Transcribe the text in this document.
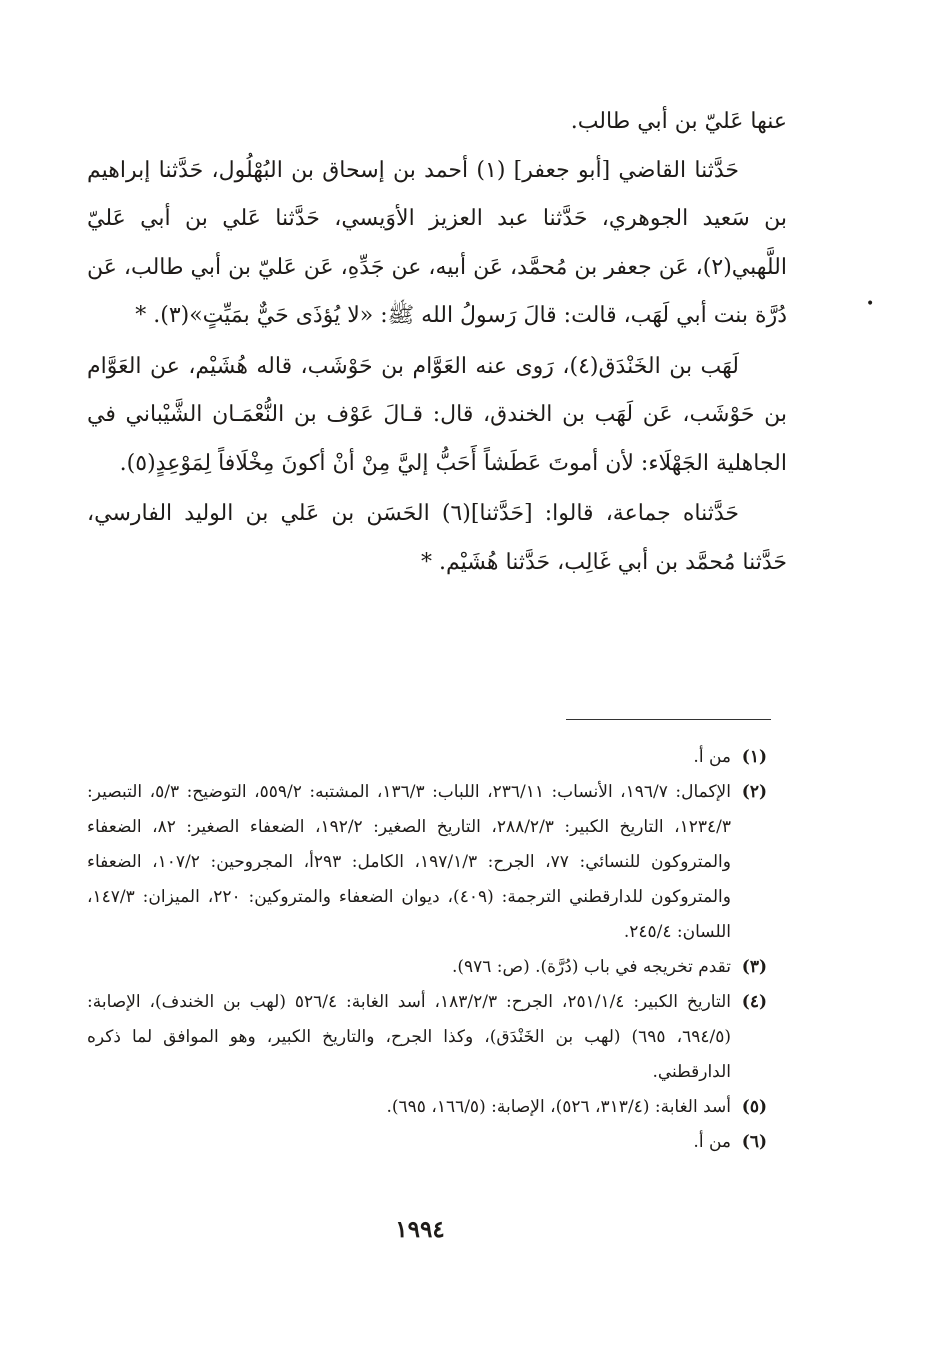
عنها عَليّ بن أبي طالب.

حَدَّثنا القاضي [أبو جعفر] (١) أحمد بن إسحاق بن البُهْلُول، حَدَّثنا إبراهيم بن سَعيد الجوهري، حَدَّثنا عبد العزيز الأوَيسي، حَدَّثنا عَلي بن أبي عَليّ اللَّهبي(٢)، عَن جعفر بن مُحمَّد، عَن أبيه، عن جَدِّهِ، عَن عَليّ بن أبي طالب، عَن دُرَّة بنت أبي لَهَب، قالت: قالَ رَسولُ الله ﷺ: «لا يُؤذَى حَيٌّ بمَيِّتٍ»(٣). *

لَهَب بن الخَنْدَق(٤)، رَوى عنه العَوَّام بن حَوْشَب، قاله هُشَيْم، عن العَوَّام بن حَوْشَب، عَن لَهَب بن الخندق، قال: قـالَ عَوْف بن النُّعْمَـان الشَّيْباني في الجاهلية الجَهْلَاء: لأن أموتَ عَطَشاً أَحَبُّ إليَّ مِنْ أنْ أكونَ مِخْلَافاً لِمَوْعِدٍ(٥).

حَدَّثناه جماعة، قالوا: [حَدَّثنا](٦) الحَسَن بن عَلي بن الوليد الفارسي، حَدَّثنا مُحمَّد بن أبي غَالِب، حَدَّثنا هُشَيْم. *

•

(١)
من أ.

(٢)
الإكمال: ١٩٦/٧، الأنساب: ٢٣٦/١١، اللباب: ١٣٦/٣، المشتبه: ٥٥٩/٢، التوضيح: ٥/٣، التبصير: ١٢٣٤/٣، التاريخ الكبير: ٢٨٨/٢/٣، التاريخ الصغير: ١٩٢/٢، الضعفاء الصغير: ٨٢، الضعفاء والمتروكون للنسائي: ٧٧، الجرح: ١٩٧/١/٣، الكامل: ٢٩٣أ، المجروحين: ١٠٧/٢، الضعفاء والمتروكون للدارقطني الترجمة: (٤٠٩)، ديوان الضعفاء والمتروكين: ٢٢٠، الميزان: ١٤٧/٣، اللسان: ٢٤٥/٤.

(٣)
تقدم تخريجه في باب (دُرَّة). (ص: ٩٧٦).

(٤)
التاريخ الكبير: ٢٥١/١/٤، الجرح: ١٨٣/٢/٣، أسد الغابة: ٥٢٦/٤ (لهب بن الخندف)، الإصابة: (٦٩٤/٥، ٦٩٥) (لهب بن الخَنْدَق)، وكذا الجرح، والتاريخ الكبير، وهو الموافق لما ذكره الدارقطني.

(٥)
أسد الغابة: (٣١٣/٤، ٥٢٦)، الإصابة: (١٦٦/٥، ٦٩٥).

(٦)
من أ.

١٩٩٤
